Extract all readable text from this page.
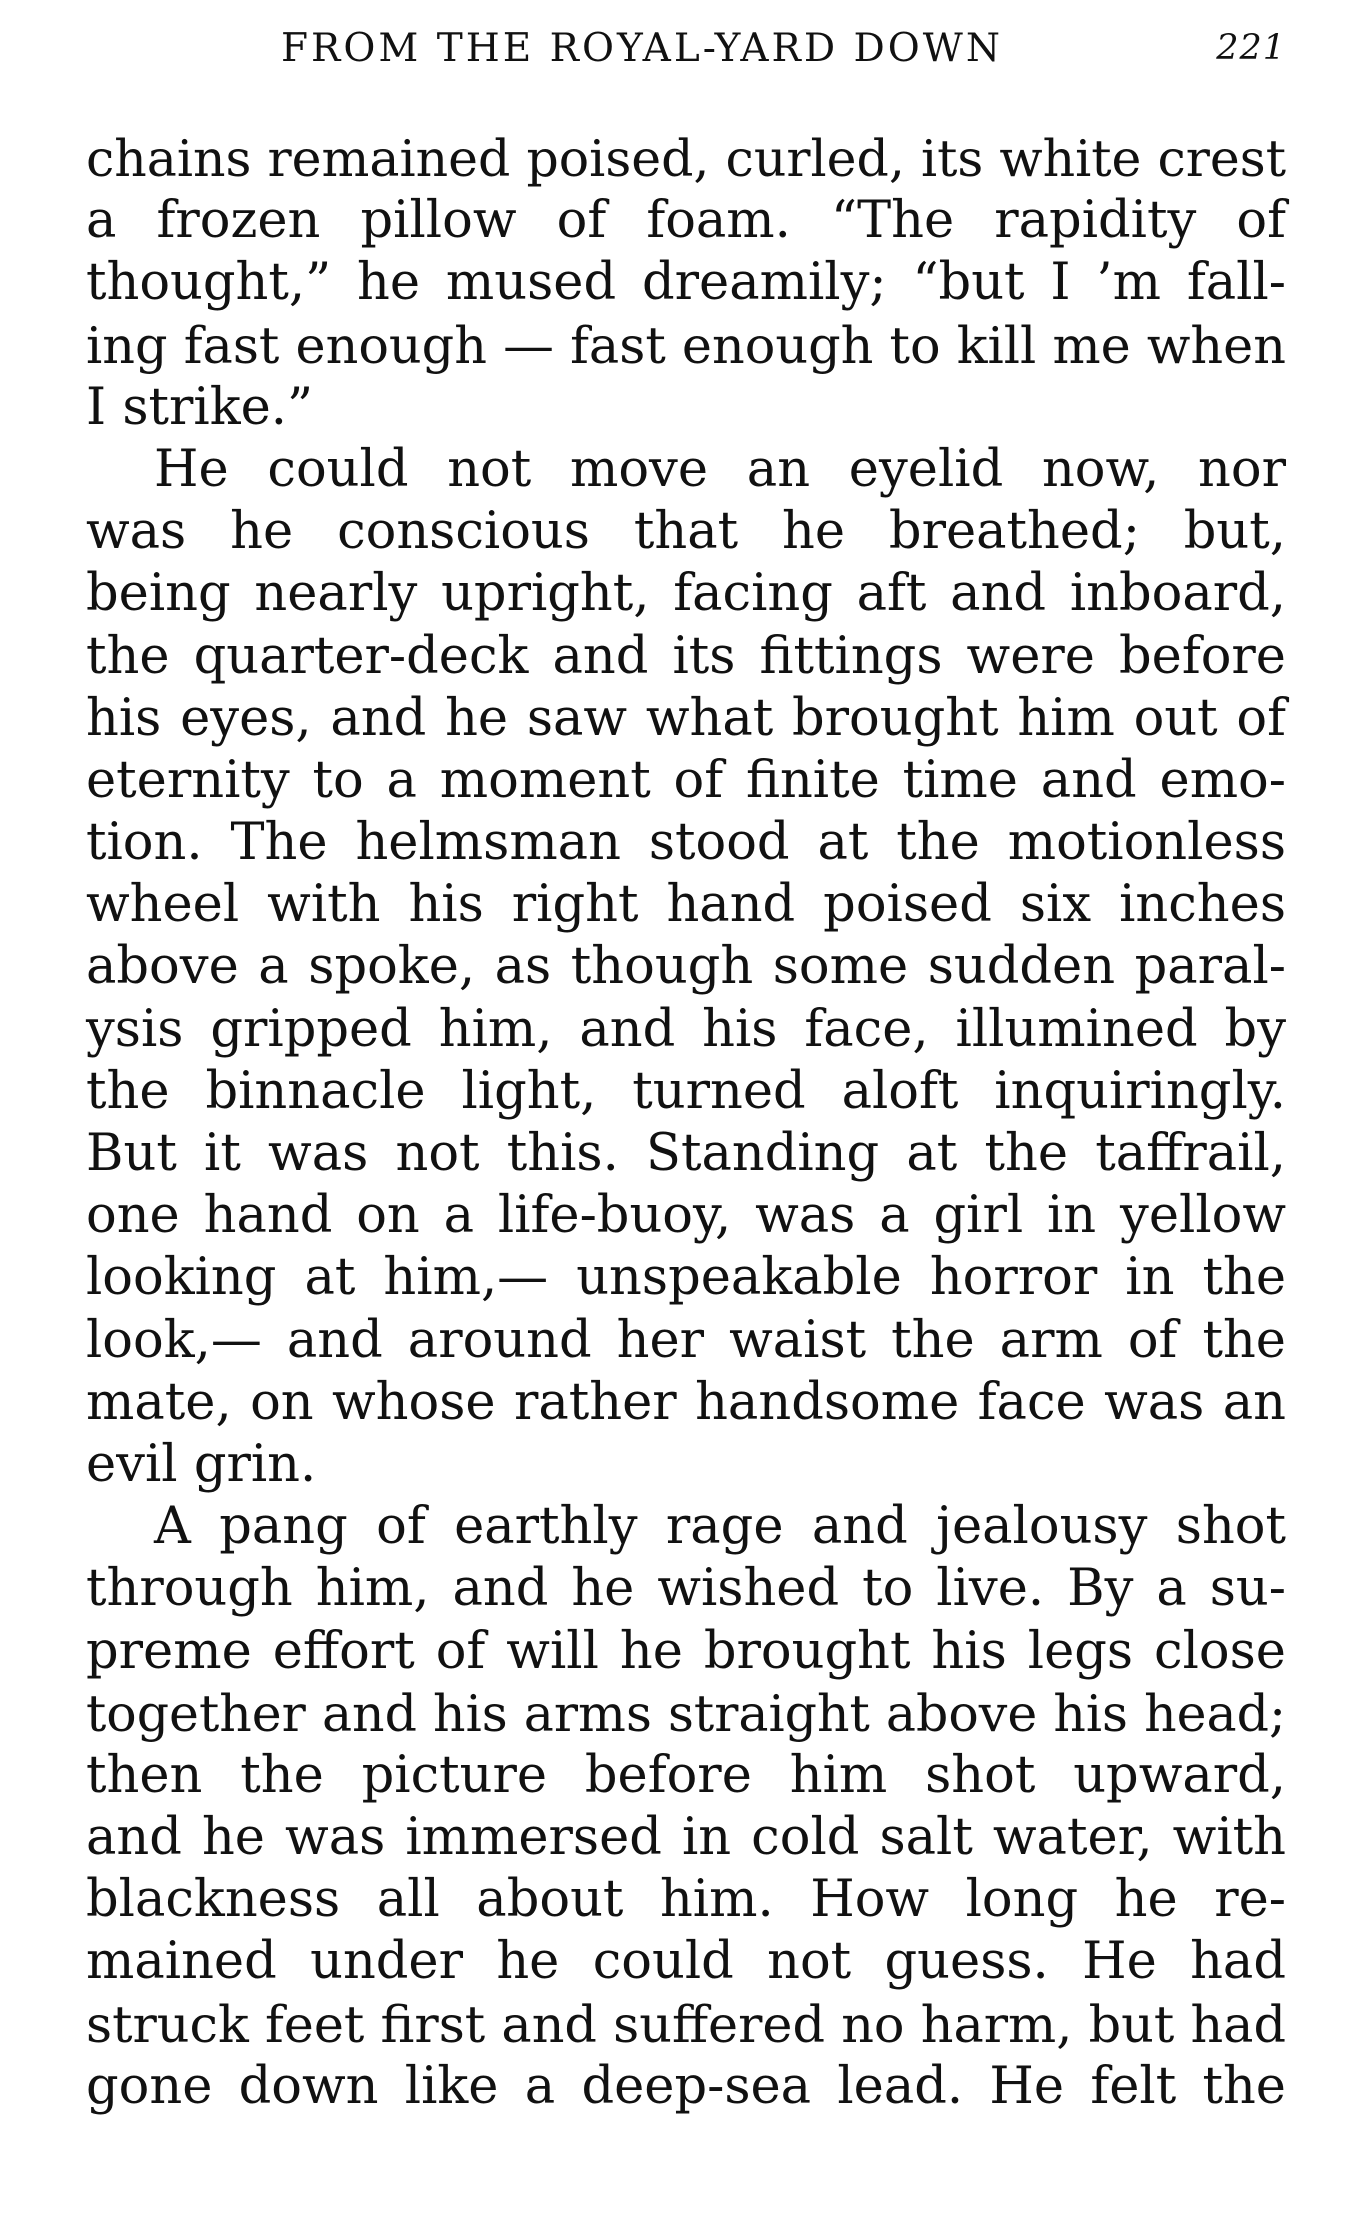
FROM THE ROYAL-YARD DOWN	221
chains remained poised, curled, its white crest
a frozen pillow of foam. “The rapidity of
thought,” he mused dreamily; “but I ’m fall-
ing fast enough — fast enough to kill me when
I strike.”
He could not move an eyelid now, nor
was he conscious that he breathed; but,
being nearly upright, facing aft and inboard,
the quarter-deck and its fittings were before
his eyes, and he saw what brought him out of
eternity to a moment of finite time and emo-
tion. The helmsman stood at the motionless
wheel with his right hand poised six inches
above a spoke, as though some sudden paral-
ysis gripped him, and his face, illumined by
the binnacle light, turned aloft inquiringly.
But it was not this. Standing at the taffrail,
one hand on a life-buoy, was a girl in yellow
looking at him,— unspeakable horror in the
look,— and around her waist the arm of the
mate, on whose rather handsome face was an
evil grin.
A pang of earthly rage and jealousy shot
through him, and he wished to live. By a su-
preme effort of will he brought his legs close
together and his arms straight above his head;
then the picture before him shot upward,
and he was immersed in cold salt water, with
blackness all about him. How long he re-
mained under he could not guess. He had
struck feet first and suffered no harm, but had
gone down like a deep-sea lead. He felt the
